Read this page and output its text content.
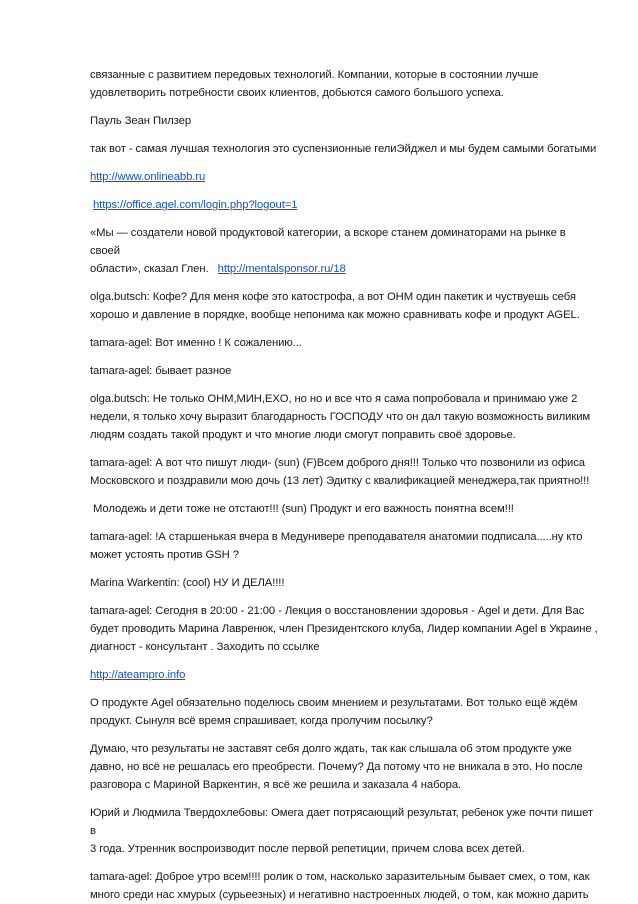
связанные с развитием передовых технологий. Компании, которые в состоянии лучше
удовлетворить потребности своих клиентов, добьются самого большого успеха.

Пауль Зеан Пилзер

так вот - самая лучшая технология это суспензионные гелиЭйджел и мы будем самыми богатыми

http://www.onlineabb.ru

https://office.agel.com/login.php?logout=1

«Мы — создатели новой продуктовой категории, а вскоре станем доминаторами на рынке в своей
области», сказал Глен. http://mentalsponsor.ru/18

olga.butsch: Кофе? Для меня кофе это катострофа, а вот OHM один пакетик и чуствуешь себя
хорошо и давление в порядке, вообще непонима как можно сравнивать кофе и продукт AGEL.

tamara-agel: Вот именно ! К сожалению...

tamara-agel: бывает разное

olga.butsch: Не только OHM,MИН,EXO, но но и все что я сама попробовала и принимаю уже 2
недели, я только хочу выразит благодарность ГОСПОДУ что он дал такую возможность виликим
людям создать такой продукт и что многие люди смогут поправить своё здоровье.

tamara-agel: А вот что пишут люди- (sun) (F)Всем доброго дня!!! Только что позвонили из офиса
Московского и поздравили мою дочь (13 лет) Эдитку с квалификацией менеджера,так приятно!!!

Молодежь и дети тоже не отстают!!! (sun) Продукт и его важность понятна всем!!!

tamara-agel: !А старшенькая вчера в Медунивере преподавателя анатомии подписала.....ну кто
может устоять против GSH ?

Marina Warkentin: (cool) НУ И ДЕЛА!!!!

tamara-agel: Сегодня в 20:00 - 21:00 - Лекция о восстановлении здоровья - Agel и дети. Для Вас
будет проводить Марина Лавренюк, член Президентского клуба, Лидер компании Agel в Украине ,
диагност - консультант . Заходить по ссылке

http://ateampro.info

О продукте Agel обязательно поделюсь своим мнением и результатами. Вот только ещё ждём
продукт. Сынуля всё время спрашивает, когда пролучим посылку?

Думаю, что результаты не заставят себя долго ждать, так как слышала об этом продукте уже
давно, но всё не решалась его преобрести. Почему? Да потому что не вникала в это. Но после
разговора с Мариной Варкентин, я всё же решила и заказала 4 набора.

Юрий и Людмила Твердохлебовы: Омега дает потрясающий результат, ребенок уже почти пишет в
3 года. Утренник воспроизводит после первой репетиции, причем слова всех детей.

tamara-agel: Доброе утро всем!!!! ролик о том, насколько заразительным бывает смех, о том, как
много среди нас хмурых (сурьеезных) и негативно настроенных людей, о том, как можно дарить
